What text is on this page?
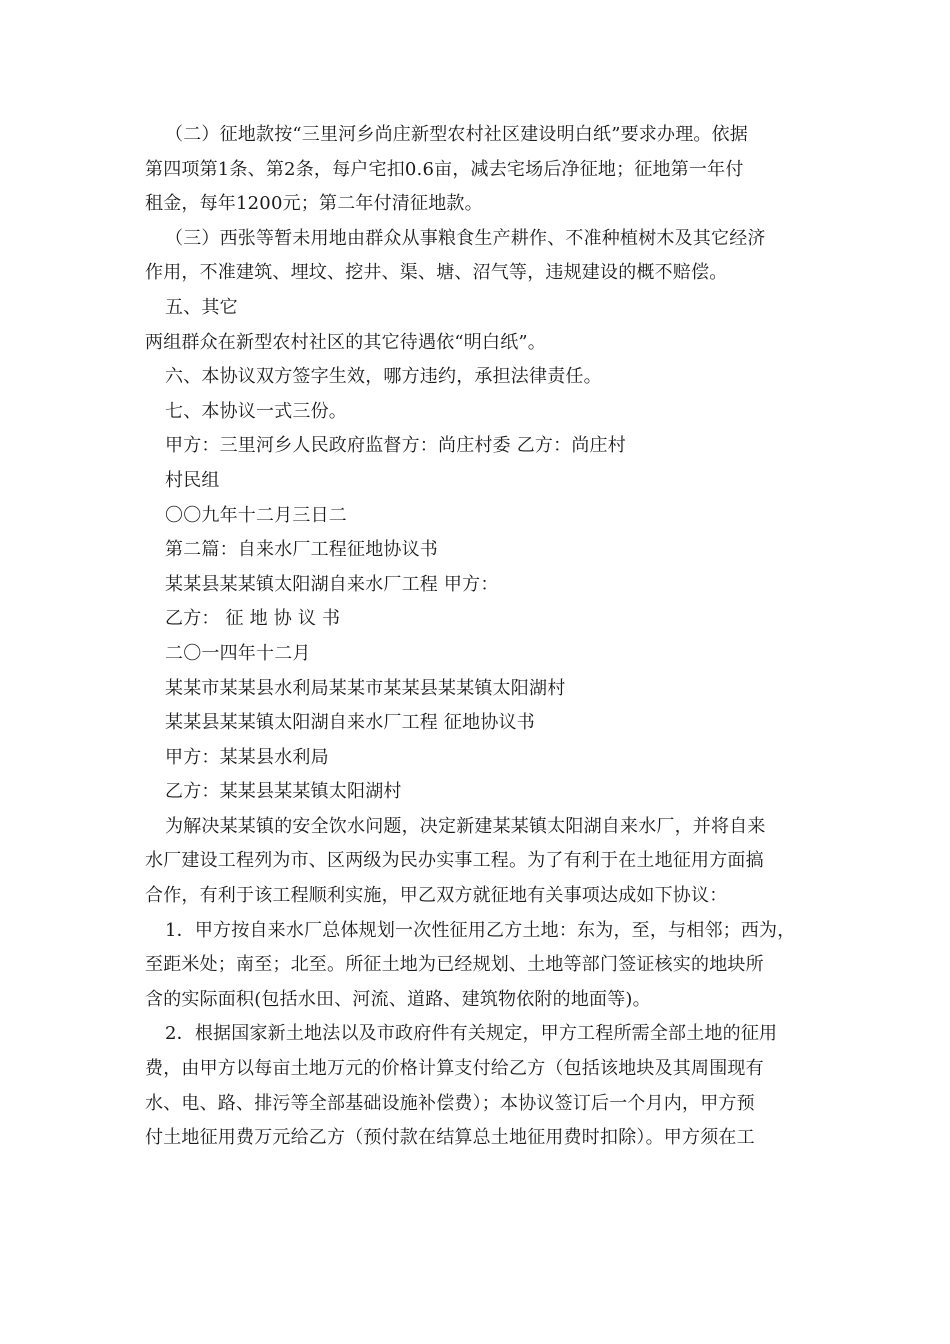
（二）征地款按“三里河乡尚庄新型农村社区建设明白纸”要求办理。依据
第四项第1条、第2条，每户宅扣0.6亩，减去宅场后净征地；征地第一年付
租金，每年1200元；第二年付清征地款。
（三）西张等暂未用地由群众从事粮食生产耕作、不准种植树木及其它经济
作用，不准建筑、埋坟、挖井、渠、塘、沼气等，违规建设的概不赔偿。
五、其它
两组群众在新型农村社区的其它待遇依“明白纸”。
六、本协议双方签字生效，哪方违约，承担法律责任。
七、本协议一式三份。
甲方：三里河乡人民政府监督方：尚庄村委 乙方：尚庄村
村民组
〇〇九年十二月三日二
第二篇：自来水厂工程征地协议书
某某县某某镇太阳湖自来水厂工程 甲方：
乙方： 征 地 协 议 书
二〇一四年十二月
某某市某某县水利局某某市某某县某某镇太阳湖村
某某县某某镇太阳湖自来水厂工程 征地协议书
甲方：某某县水利局
乙方：某某县某某镇太阳湖村
为解决某某镇的安全饮水问题，决定新建某某镇太阳湖自来水厂，并将自来
水厂建设工程列为市、区两级为民办实事工程。为了有利于在土地征用方面搞
合作，有利于该工程顺利实施，甲乙双方就征地有关事项达成如下协议：
1．甲方按自来水厂总体规划一次性征用乙方土地：东为，至，与相邻；西为，
至距米处；南至；北至。所征土地为已经规划、土地等部门签证核实的地块所
含的实际面积(包括水田、河流、道路、建筑物依附的地面等)。
2．根据国家新土地法以及市政府件有关规定，甲方工程所需全部土地的征用
费，由甲方以每亩土地万元的价格计算支付给乙方（包括该地块及其周围现有
水、电、路、排污等全部基础设施补偿费）；本协议签订后一个月内，甲方预
付土地征用费万元给乙方（预付款在结算总土地征用费时扣除）。甲方须在工
